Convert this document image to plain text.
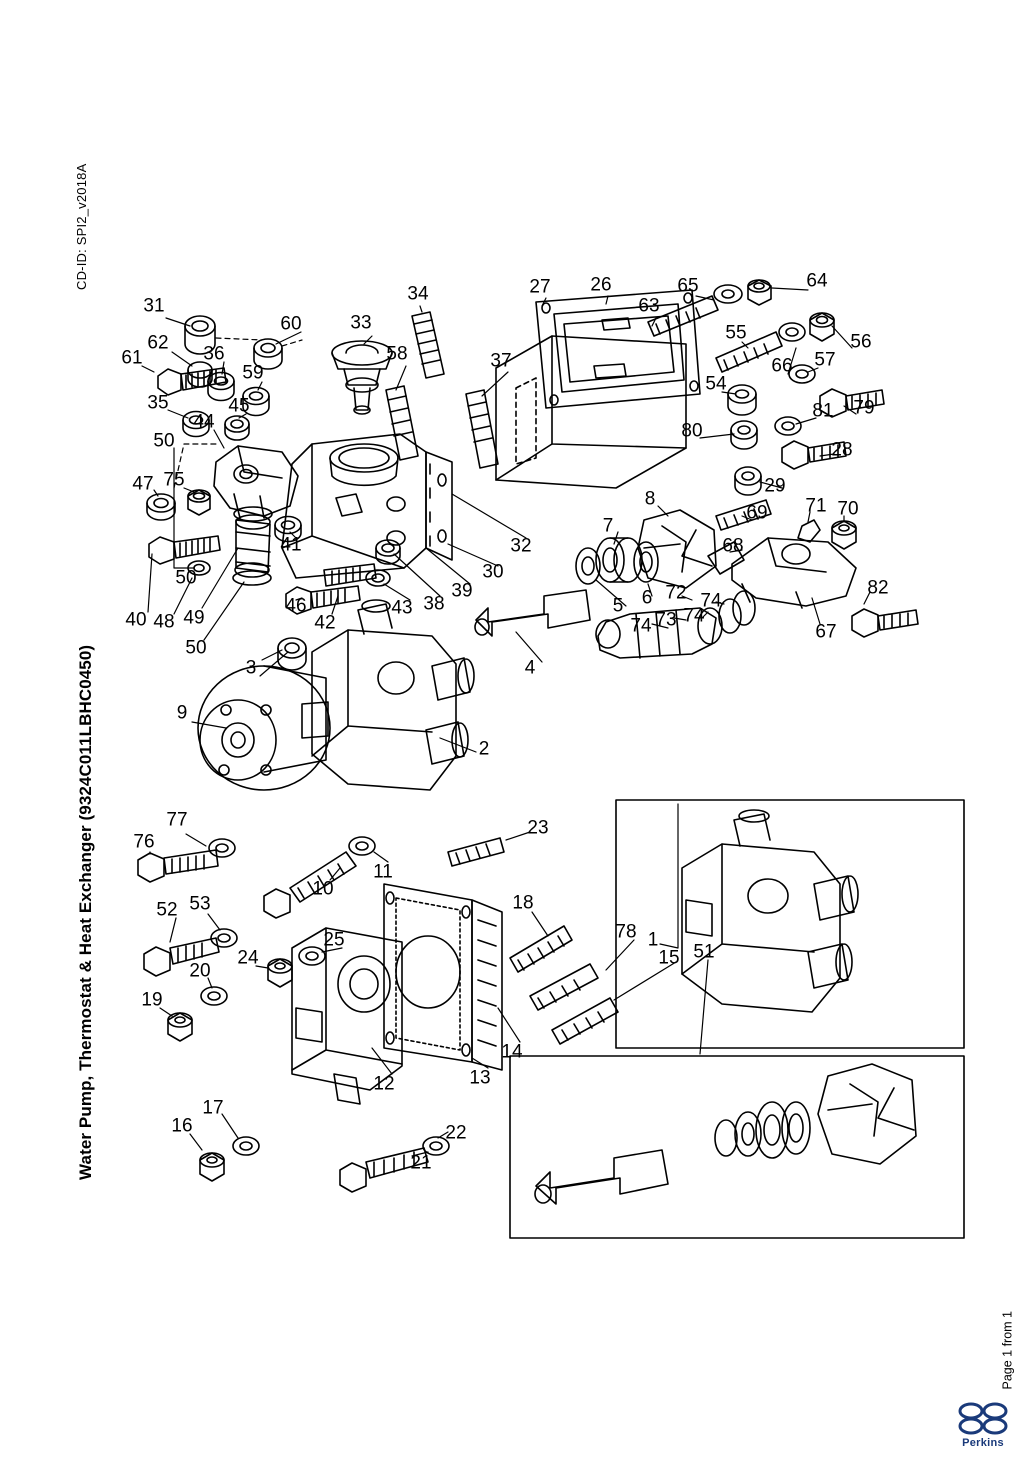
CD-ID: SPI2_v2018A
Water Pump, Thermostat & Heat Exchanger (9324C011LBHC0450)
Page 1 from 1
Perkins
31
34	27 26	65	64
63
60	33	55
62	56
61	36	58	57
37
59	66
54
35	45	81 79
44	80
50	28
47 75	29
8	71 70
69
7
41	68
32
30
50
39
38
43
46	5 6 72 74
82
40 48 49	42	73
74 74
67
50
3	4
9
2
77	23
76
11
10
18
52 53
78 1
25
15 51
24
20
19
12	13
14
17
16	22
21
